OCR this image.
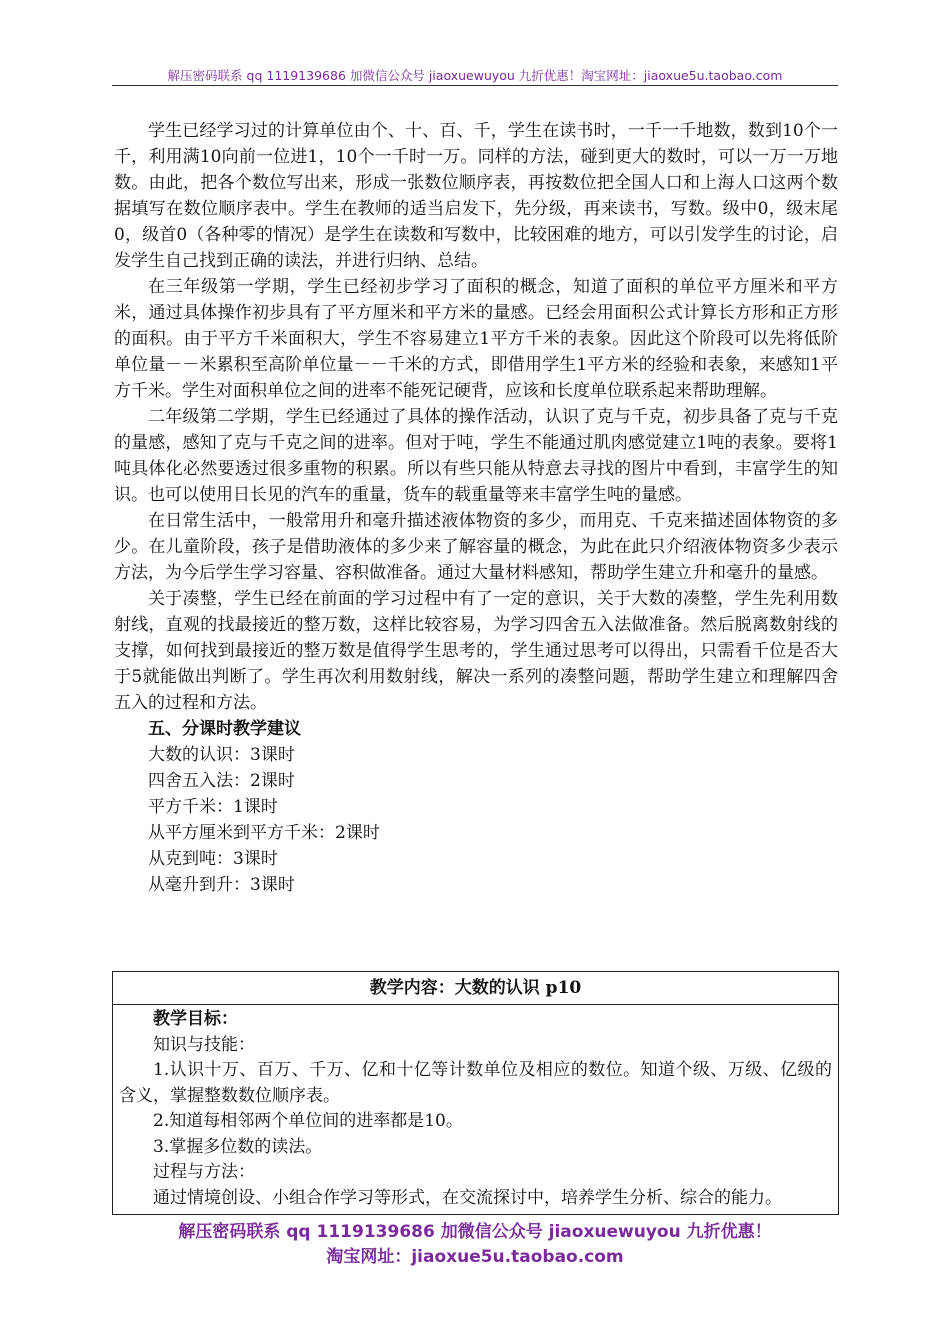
解压密码联系 qq 1119139686 加微信公众号 jiaoxuewuyou 九折优惠！淘宝网址：jiaoxue5u.taobao.com

学生已经学习过的计算单位由个、十、百、千，学生在读书时，一千一千地数，数到10个一千，利用满10向前一位进1，10个一千时一万。同样的方法，碰到更大的数时，可以一万一万地数。由此，把各个数位写出来，形成一张数位顺序表，再按数位把全国人口和上海人口这两个数据填写在数位顺序表中。学生在教师的适当启发下，先分级，再来读书，写数。级中0，级末尾0，级首0（各种零的情况）是学生在读数和写数中，比较困难的地方，可以引发学生的讨论，启发学生自己找到正确的读法，并进行归纳、总结。

在三年级第一学期，学生已经初步学习了面积的概念，知道了面积的单位平方厘米和平方米，通过具体操作初步具有了平方厘米和平方米的量感。已经会用面积公式计算长方形和正方形的面积。由于平方千米面积大，学生不容易建立1平方千米的表象。因此这个阶段可以先将低阶单位量－－米累积至高阶单位量－－千米的方式，即借用学生1平方米的经验和表象，来感知1平方千米。学生对面积单位之间的进率不能死记硬背，应该和长度单位联系起来帮助理解。

二年级第二学期，学生已经通过了具体的操作活动，认识了克与千克，初步具备了克与千克的量感，感知了克与千克之间的进率。但对于吨，学生不能通过肌肉感觉建立1吨的表象。要将1吨具体化必然要透过很多重物的积累。所以有些只能从特意去寻找的图片中看到，丰富学生的知识。也可以使用日长见的汽车的重量，货车的载重量等来丰富学生吨的量感。

在日常生活中，一般常用升和毫升描述液体物资的多少，而用克、千克来描述固体物资的多少。在儿童阶段，孩子是借助液体的多少来了解容量的概念，为此在此只介绍液体物资多少表示方法，为今后学生学习容量、容积做准备。通过大量材料感知，帮助学生建立升和毫升的量感。

关于凑整，学生已经在前面的学习过程中有了一定的意识，关于大数的凑整，学生先利用数射线，直观的找最接近的整万数，这样比较容易，为学习四舍五入法做准备。然后脱离数射线的支撑，如何找到最接近的整万数是值得学生思考的，学生通过思考可以得出，只需看千位是否大于5就能做出判断了。学生再次利用数射线，解决一系列的凑整问题，帮助学生建立和理解四舍五入的过程和方法。

五、分课时教学建议

大数的认识：3课时

四舍五入法：2课时

平方千米：1课时

从平方厘米到平方千米：2课时

从克到吨：3课时

从毫升到升：3课时

教学内容：大数的认识 p10

教学目标：

知识与技能：

1.认识十万、百万、千万、亿和十亿等计数单位及相应的数位。知道个级、万级、亿级的含义，掌握整数数位顺序表。

2.知道每相邻两个单位间的进率都是10。

3.掌握多位数的读法。

过程与方法：

通过情境创设、小组合作学习等形式，在交流探讨中，培养学生分析、综合的能力。

解压密码联系 qq 1119139686 加微信公众号 jiaoxuewuyou 九折优惠！
淘宝网址：jiaoxue5u.taobao.com
